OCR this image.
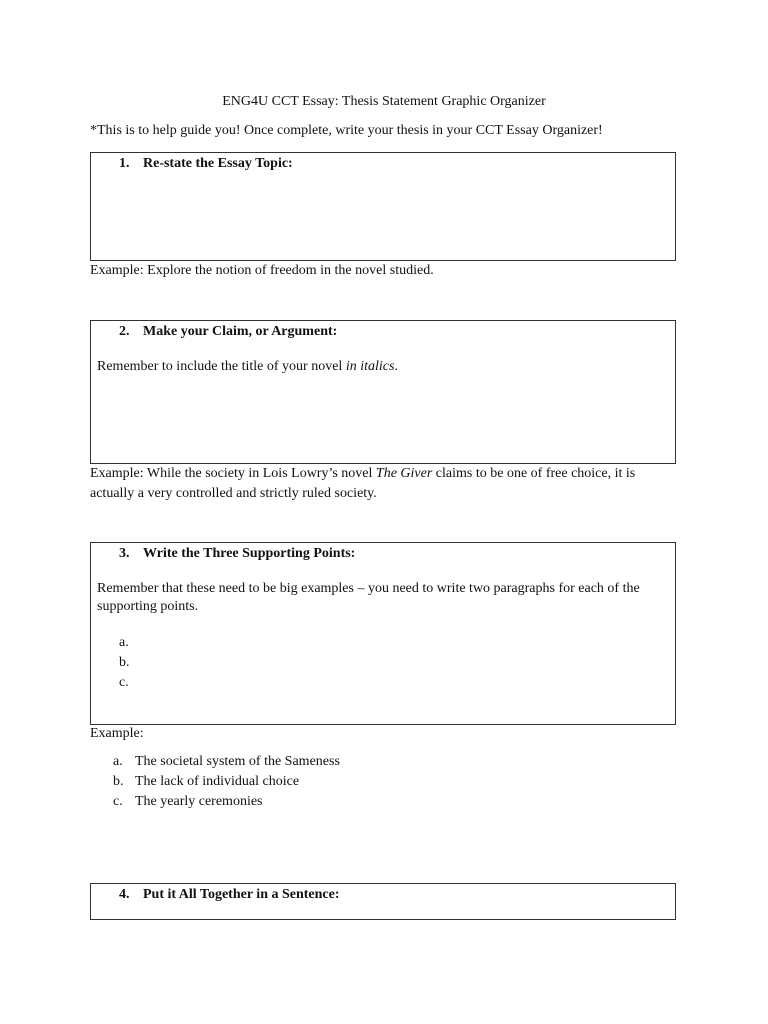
ENG4U CCT Essay: Thesis Statement Graphic Organizer
*This is to help guide you! Once complete, write your thesis in your CCT Essay Organizer!
1. Re-state the Essay Topic:
Example: Explore the notion of freedom in the novel studied.
2. Make your Claim, or Argument:
Remember to include the title of your novel in italics.
Example: While the society in Lois Lowry’s novel The Giver claims to be one of free choice, it is actually a very controlled and strictly ruled society.
3. Write the Three Supporting Points:
Remember that these need to be big examples – you need to write two paragraphs for each of the supporting points.
a.
b.
c.
Example:
a. The societal system of the Sameness
b. The lack of individual choice
c. The yearly ceremonies
4. Put it All Together in a Sentence:
